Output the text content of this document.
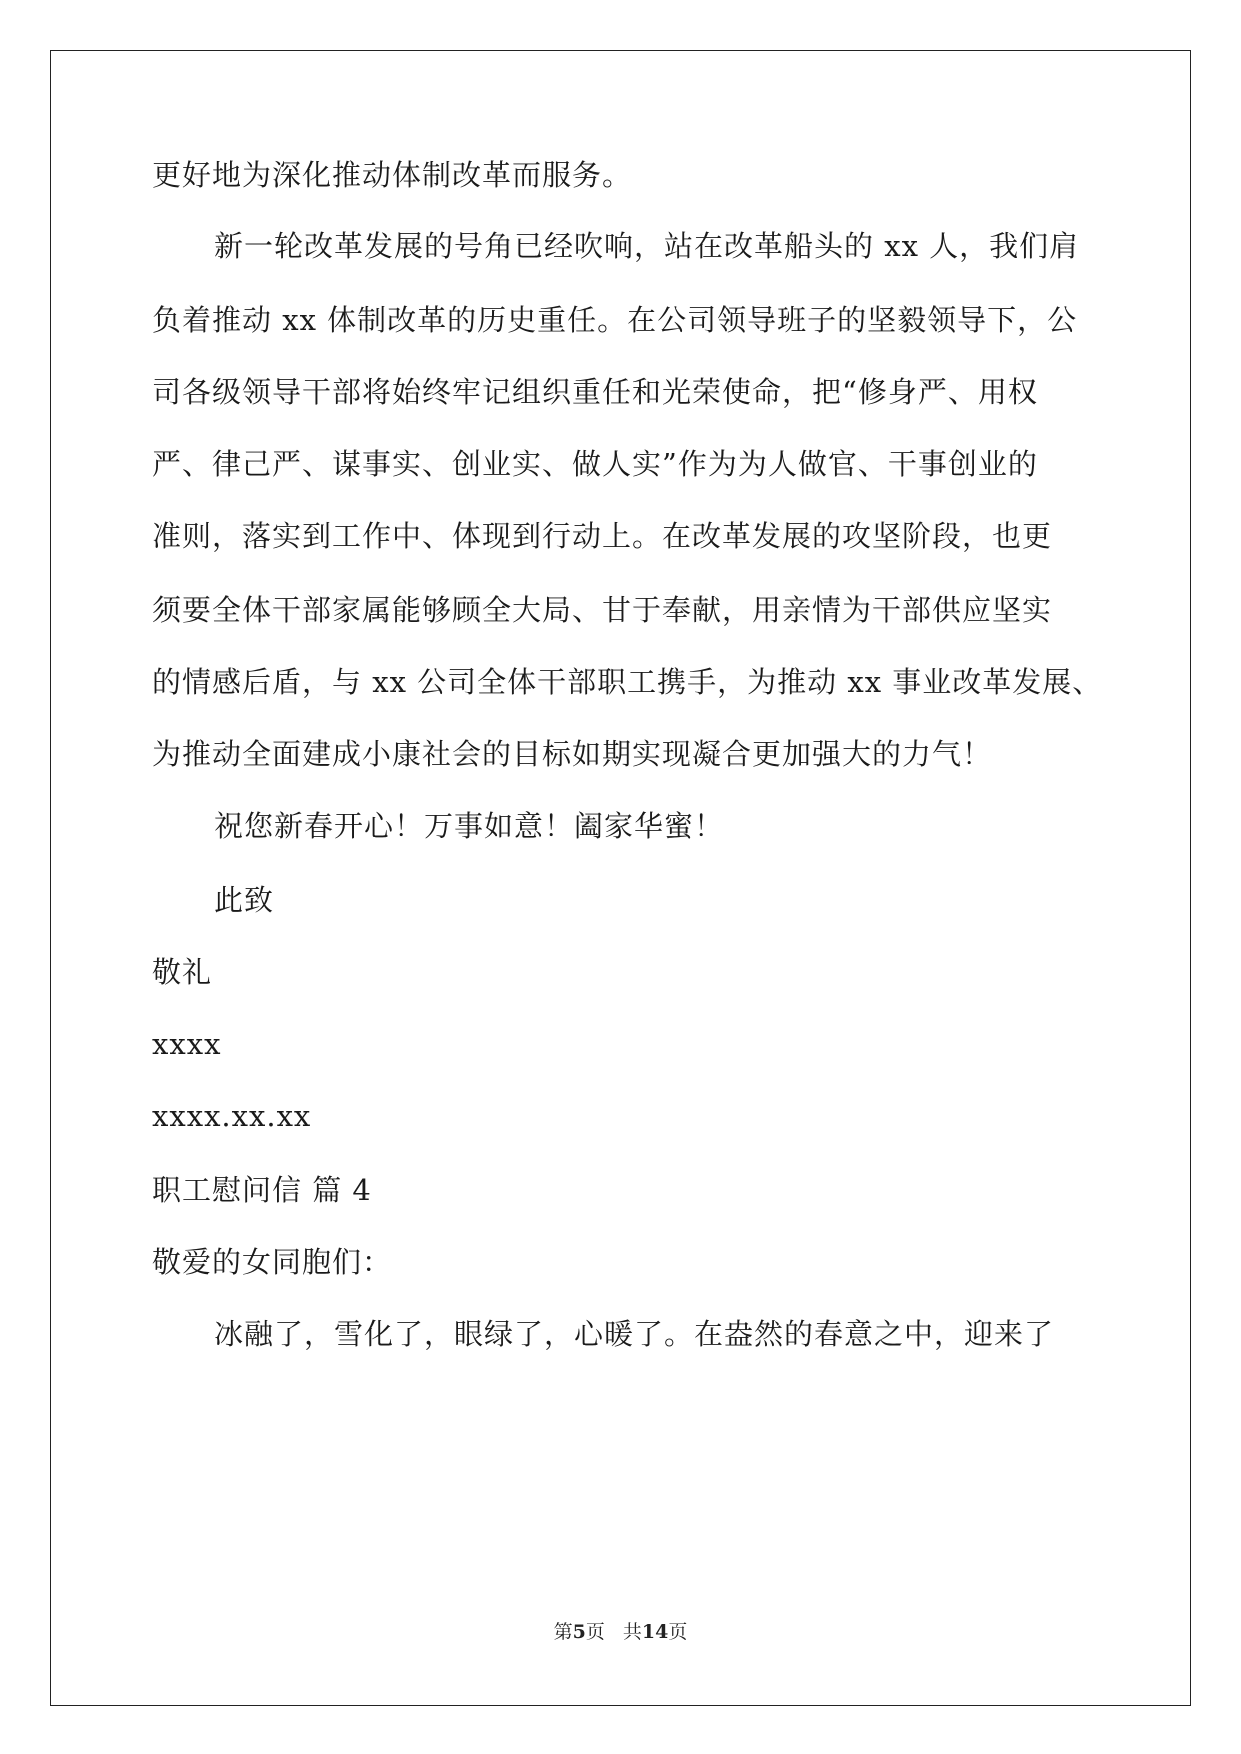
更好地为深化推动体制改革而服务。
新一轮改革发展的号角已经吹响，站在改革船头的 xx 人，我们肩
负着推动 xx 体制改革的历史重任。在公司领导班子的坚毅领导下，公
司各级领导干部将始终牢记组织重任和光荣使命，把“修身严、用权
严、律己严、谋事实、创业实、做人实”作为为人做官、干事创业的
准则，落实到工作中、体现到行动上。在改革发展的攻坚阶段，也更
须要全体干部家属能够顾全大局、甘于奉献，用亲情为干部供应坚实
的情感后盾，与 xx 公司全体干部职工携手，为推动 xx 事业改革发展、
为推动全面建成小康社会的目标如期实现凝合更加强大的力气！
祝您新春开心！万事如意！阖家华蜜！
此致
敬礼
xxxx
xxxx.xx.xx
职工慰问信 篇 4
敬爱的女同胞们：
冰融了，雪化了，眼绿了，心暖了。在盎然的春意之中，迎来了
第5页 共14页
